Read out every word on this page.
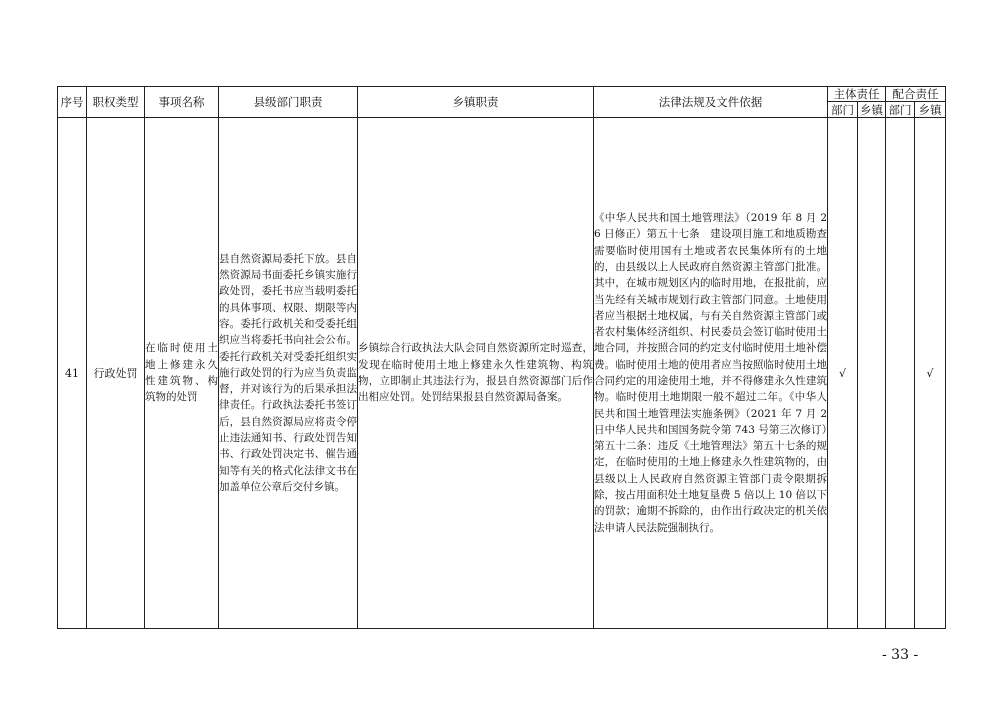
序号	职权类型	事项名称	县级部门职责	乡镇职责	法律法规及文件依据	主体责任		配合责任	
						部门	乡镇	部门	乡镇
41	行政处罚	在临时使用土地上修建永久性建筑物、构筑物的处罚	县自然资源局委托下放。县自然资源局书面委托乡镇实施行政处罚，委托书应当载明委托的具体事项、权限、期限等内容。委托行政机关和受委托组织应当将委托书向社会公布。委托行政机关对受委托组织实施行政处罚的行为应当负责监督，并对该行为的后果承担法律责任。行政执法委托书签订后，县自然资源局应将责令停止违法通知书、行政处罚告知书、行政处罚决定书、催告通知等有关的格式化法律文书在加盖单位公章后交付乡镇。	乡镇综合行政执法大队会同自然资源所定时巡查，发现在临时使用土地上修建永久性建筑物、构筑物，立即制止其违法行为，报县自然资源部门后作出相应处罚。处罚结果报县自然资源局备案。	《中华人民共和国土地管理法》（2019 年 8 月 26 日修正）第五十七条　建设项目施工和地质勘查需要临时使用国有土地或者农民集体所有的土地的，由县级以上人民政府自然资源主管部门批准。其中，在城市规划区内的临时用地，在报批前，应当先经有关城市规划行政主管部门同意。土地使用者应当根据土地权属，与有关自然资源主管部门或者农村集体经济组织、村民委员会签订临时使用土地合同，并按照合同的约定支付临时使用土地补偿费。临时使用土地的使用者应当按照临时使用土地合同约定的用途使用土地，并不得修建永久性建筑物。临时使用土地期限一般不超过二年。《中华人民共和国土地管理法实施条例》（2021 年 7 月 2 日中华人民共和国国务院令第 743 号第三次修订）第五十二条：违反《土地管理法》第五十七条的规定，在临时使用的土地上修建永久性建筑物的，由县级以上人民政府自然资源主管部门责令限期拆除，按占用面积处土地复垦费 5 倍以上 10 倍以下的罚款；逾期不拆除的，由作出行政决定的机关依法申请人民法院强制执行。	√			√
- 33 -
